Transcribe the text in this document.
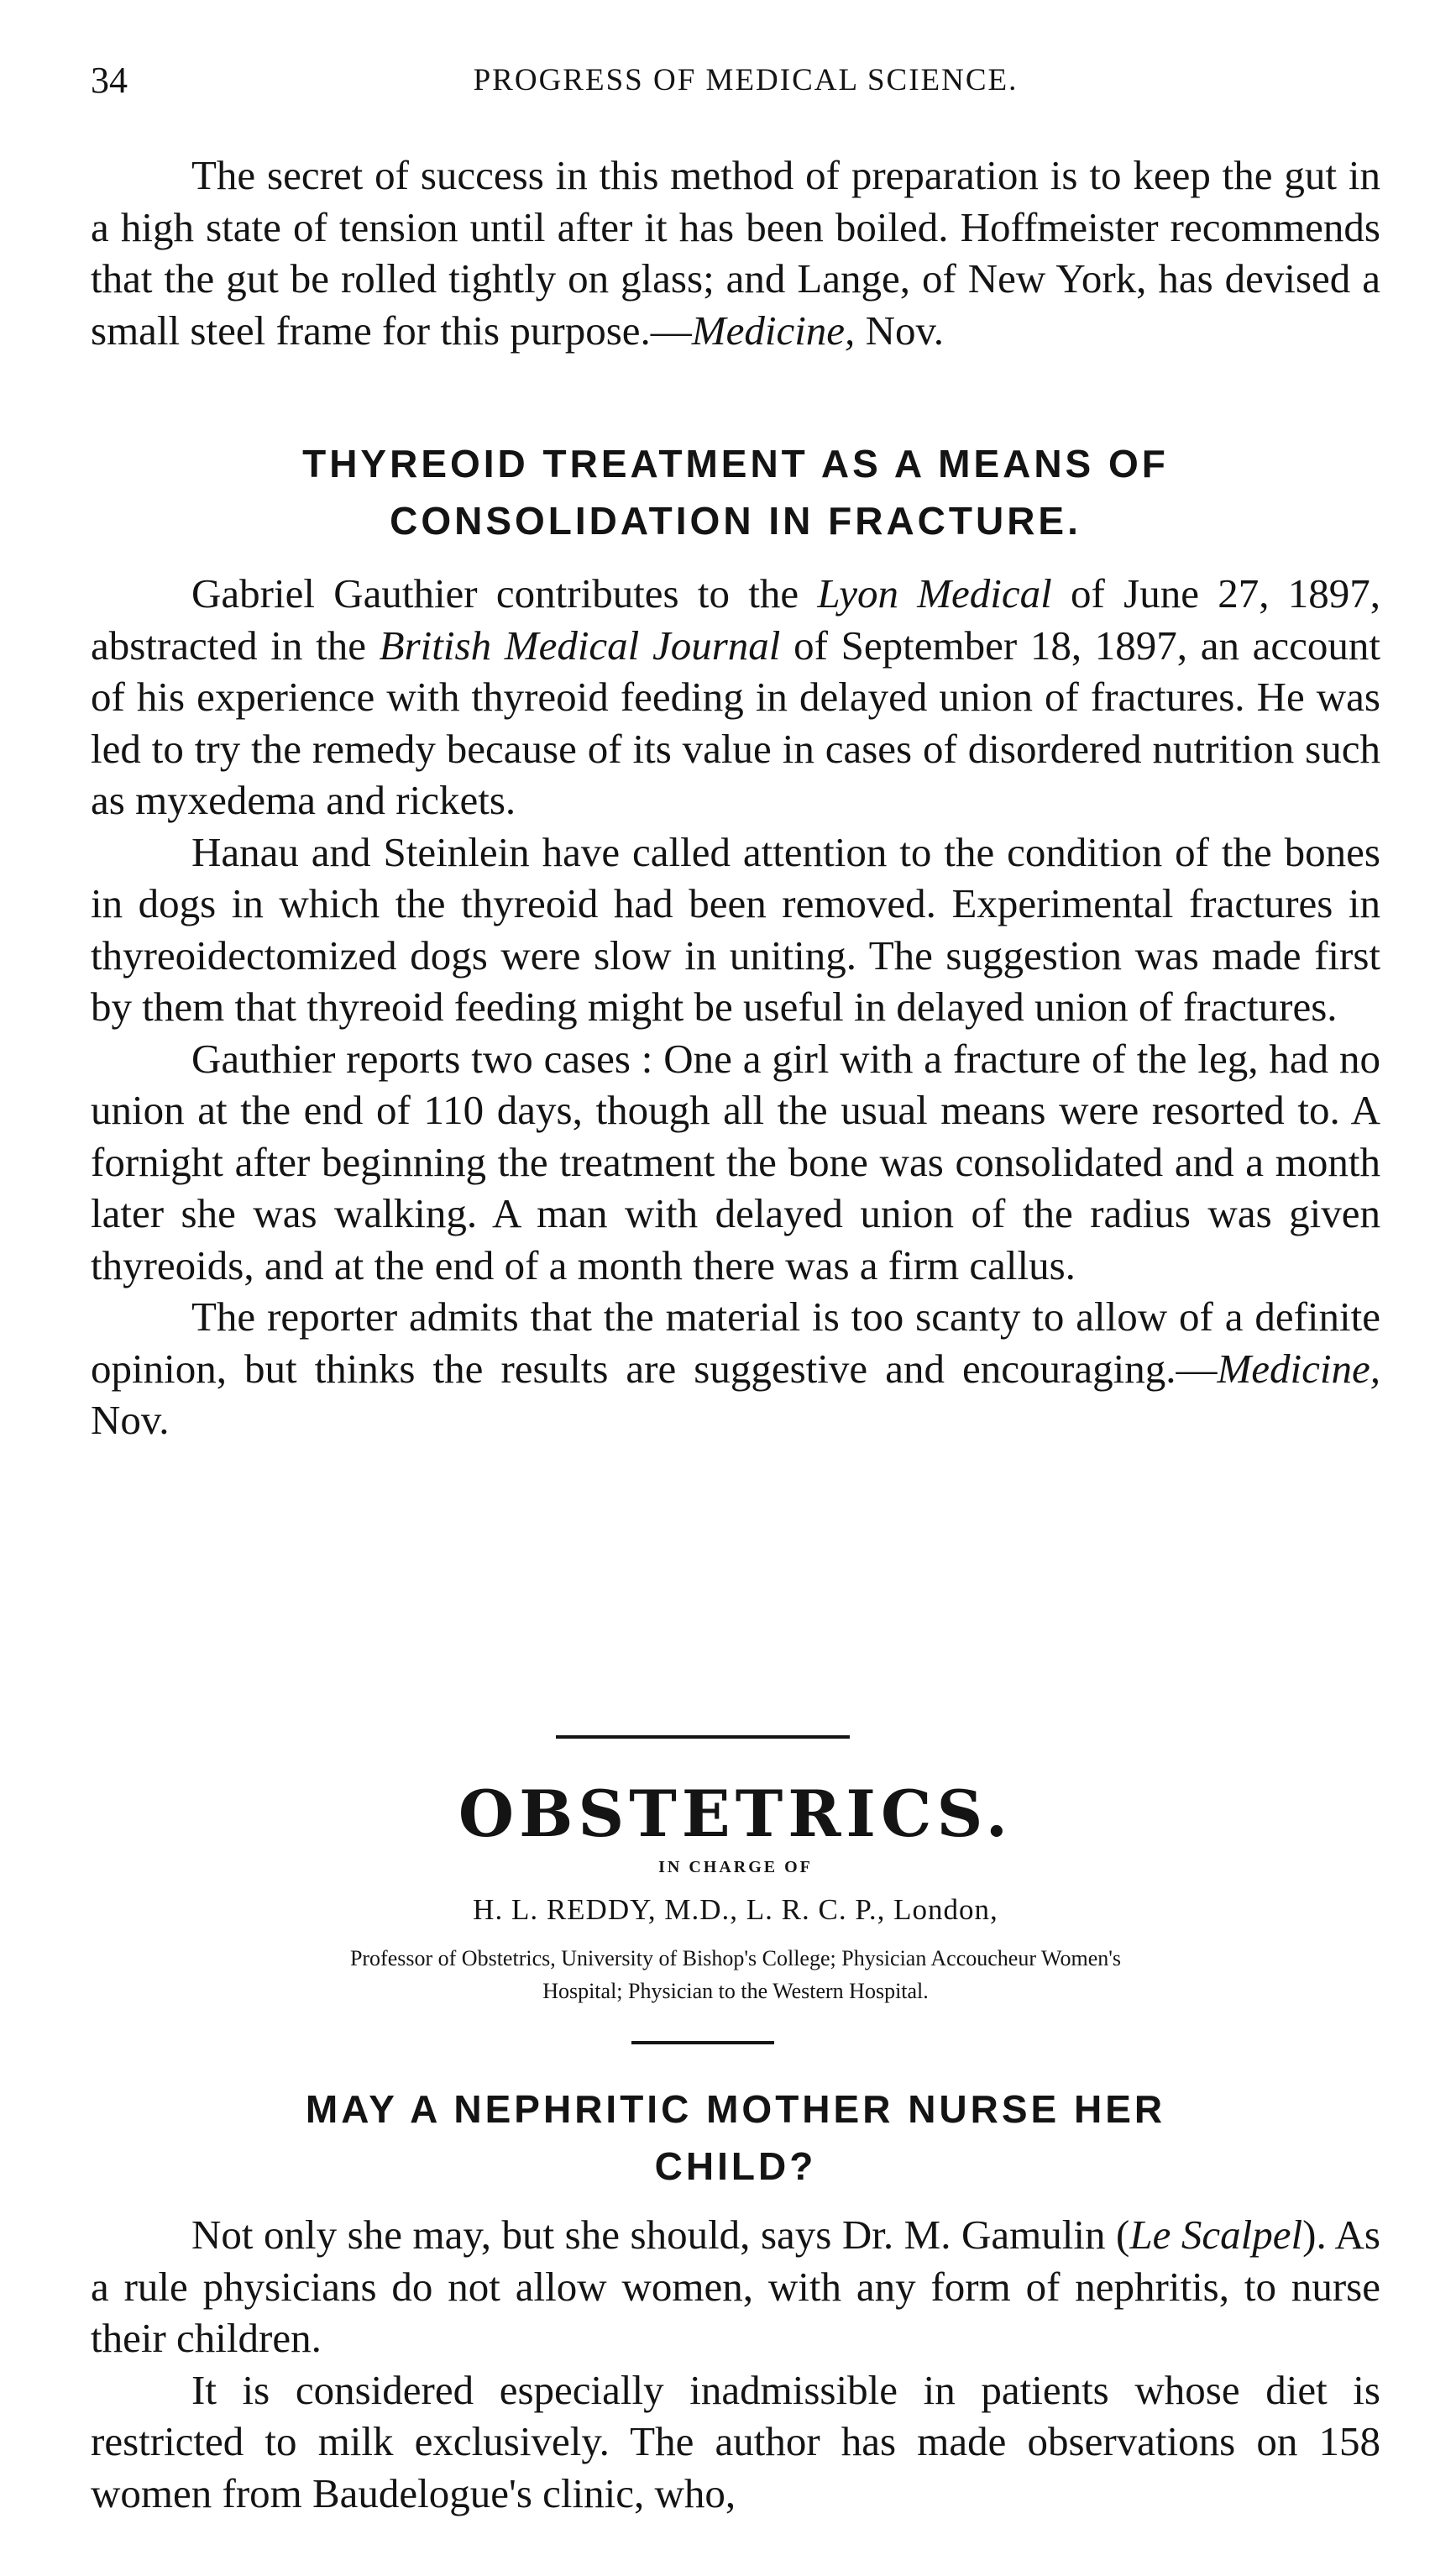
34	PROGRESS OF MEDICAL SCIENCE.

The secret of success in this method of preparation is to keep the gut in a high state of tension until after it has been boiled. Hoffmeister recommends that the gut be rolled tightly on glass; and Lange, of New York, has devised a small steel frame for this purpose.—Medicine, Nov.

THYREOID TREATMENT AS A MEANS OF
CONSOLIDATION IN FRACTURE.

Gabriel Gauthier contributes to the Lyon Medical of June 27, 1897, abstracted in the British Medical Journal of September 18, 1897, an account of his experience with thyreoid feeding in delayed union of fractures. He was led to try the remedy because of its value in cases of disordered nutrition such as myxedema and rickets.

Hanau and Steinlein have called attention to the condition of the bones in dogs in which the thyreoid had been removed. Experimental fractures in thyreoidectomized dogs were slow in uniting. The suggestion was made first by them that thyreoid feeding might be useful in delayed union of fractures.

Gauthier reports two cases : One a girl with a fracture of the leg, had no union at the end of 110 days, though all the usual means were resorted to. A fornight after beginning the treatment the bone was consolidated and a month later she was walking. A man with delayed union of the radius was given thyreoids, and at the end of a month there was a firm callus.

The reporter admits that the material is too scanty to allow of a definite opinion, but thinks the results are suggestive and encouraging.—Medicine, Nov.

OBSTETRICS.
IN CHARGE OF
H. L. REDDY, M.D., L. R. C. P., London,
Professor of Obstetrics, University of Bishop's College; Physician Accoucheur Women's
Hospital; Physician to the Western Hospital.
MAY A NEPHRITIC MOTHER NURSE HER
CHILD?

Not only she may, but she should, says Dr. M. Gamulin (Le Scalpel). As a rule physicians do not allow women, with any form of nephritis, to nurse their children.

It is considered especially inadmissible in patients whose diet is restricted to milk exclusively. The author has made observations on 158 women from Baudelogue's clinic, who,
